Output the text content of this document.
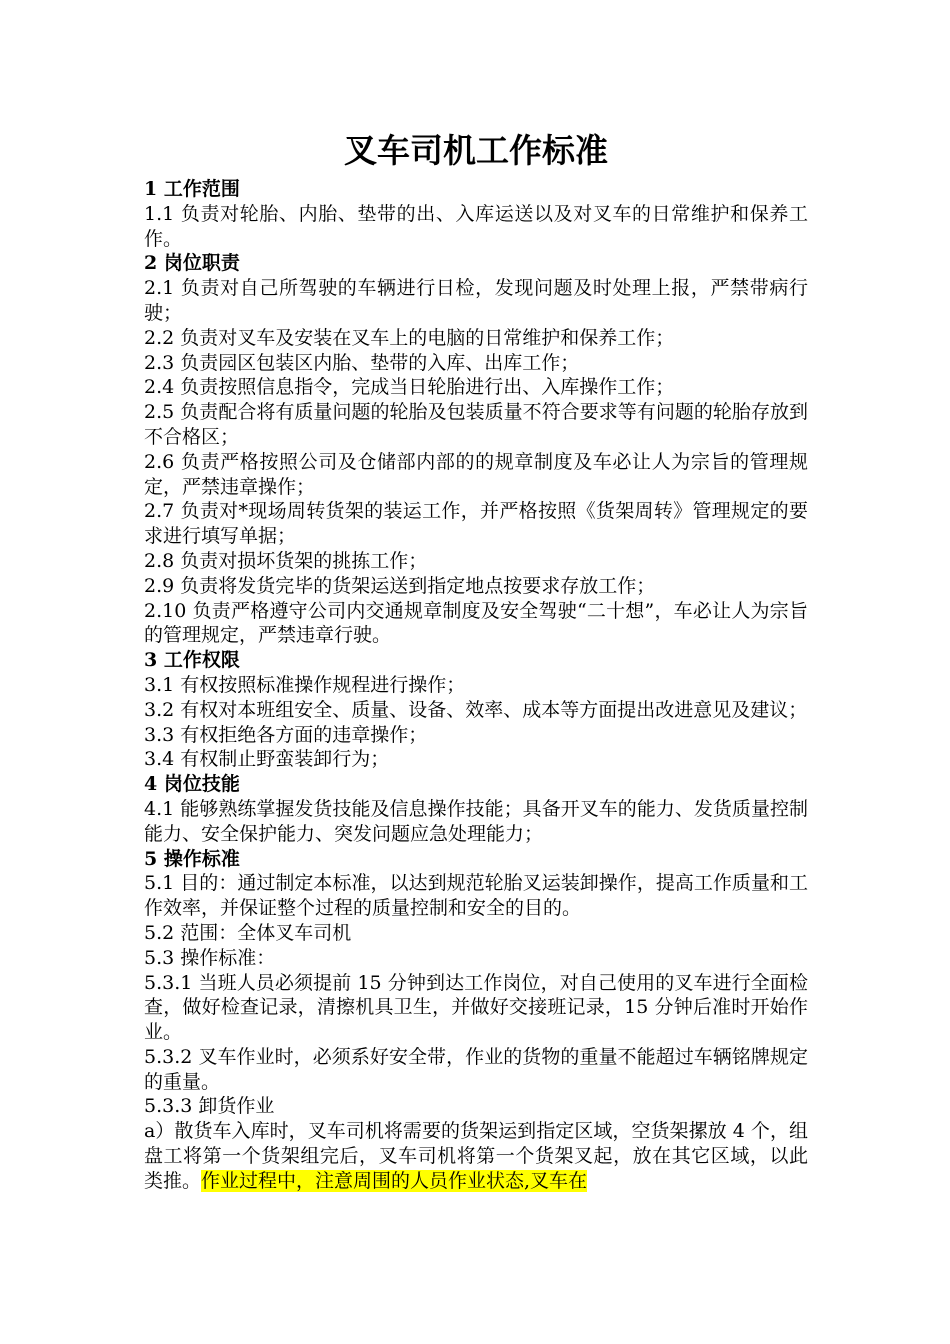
叉车司机工作标准
1 工作范围
1.1 负责对轮胎、内胎、垫带的出、入库运送以及对叉车的日常维护和保养工作。
2 岗位职责
2.1 负责对自己所驾驶的车辆进行日检，发现问题及时处理上报，严禁带病行驶；
2.2 负责对叉车及安装在叉车上的电脑的日常维护和保养工作；
2.3 负责园区包装区内胎、垫带的入库、出库工作；
2.4 负责按照信息指令，完成当日轮胎进行出、入库操作工作；
2.5 负责配合将有质量问题的轮胎及包装质量不符合要求等有问题的轮胎存放到不合格区；
2.6 负责严格按照公司及仓储部内部的的规章制度及车必让人为宗旨的管理规定，严禁违章操作；
2.7 负责对*现场周转货架的装运工作，并严格按照《货架周转》管理规定的要求进行填写单据；
2.8 负责对损坏货架的挑拣工作；
2.9 负责将发货完毕的货架运送到指定地点按要求存放工作；
2.10 负责严格遵守公司内交通规章制度及安全驾驶“二十想”，车必让人为宗旨的管理规定，严禁违章行驶。
3 工作权限
3.1 有权按照标准操作规程进行操作；
3.2 有权对本班组安全、质量、设备、效率、成本等方面提出改进意见及建议；
3.3 有权拒绝各方面的违章操作；
3.4 有权制止野蛮装卸行为；
4 岗位技能
4.1 能够熟练掌握发货技能及信息操作技能；具备开叉车的能力、发货质量控制能力、安全保护能力、突发问题应急处理能力；
5 操作标准
5.1 目的：通过制定本标准，以达到规范轮胎叉运装卸操作，提高工作质量和工作效率，并保证整个过程的质量控制和安全的目的。
5.2 范围：全体叉车司机
5.3 操作标准：
5.3.1 当班人员必须提前 15 分钟到达工作岗位，对自己使用的叉车进行全面检查，做好检查记录，清擦机具卫生，并做好交接班记录，15 分钟后准时开始作业。
5.3.2 叉车作业时，必须系好安全带，作业的货物的重量不能超过车辆铭牌规定的重量。
5.3.3 卸货作业
a）散货车入库时，叉车司机将需要的货架运到指定区域，空货架摞放 4 个，组盘工将第一个货架组完后，叉车司机将第一个货架叉起，放在其它区域，以此类推。作业过程中，注意周围的人员作业状态,叉车在
